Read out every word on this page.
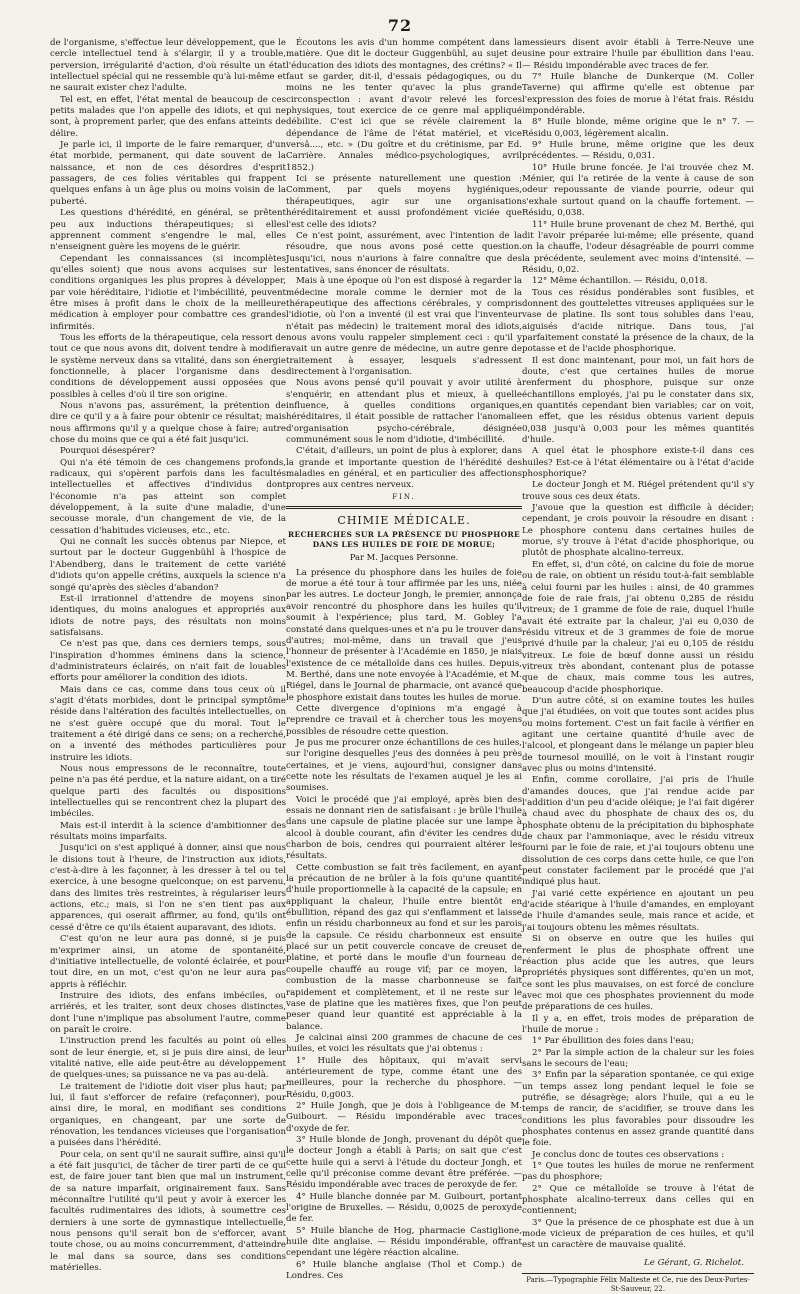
72

de l'organisme, s'effectue leur développement, que le cercle intellectuel tend à s'élargir, il y a trouble, perversion, irrégularité d'action, d'où résulte un état intellectuel spécial qui ne ressemble qu'à lui-même et ne saurait exister chez l'adulte.

Tel est, en effet, l'état mental de beaucoup de ces petits malades que l'on appelle des idiots, et qui ne sont, à proprement parler, que des enfans atteints de délire.

Je parle ici, il importe de le faire remarquer, d'un état morbide, permanent, qui date souvent de la naissance, et non de ces désordres d'esprit passagers, de ces folies véritables qui frappent quelques enfans à un âge plus ou moins voisin de la puberté.

Les questions d'hérédité, en général, se prêtent peu aux inductions thérapeutiques; si elles apprennent comment s'engendre le mal, elles n'enseignent guère les moyens de le guérir.

Cependant les connaissances (si incomplètes qu'elles soient) que nous avons acquises sur les conditions organiques les plus propres à développer, par voie héréditaire, l'idiotie et l'imbécillité, peuvent être mises à profit dans le choix de la meilleure médication à employer pour combattre ces grandes infirmités.

Tous les efforts de la thérapeutique, cela ressort de tout ce que nous avons dit, doivent tendre à modifier le système nerveux dans sa vitalité, dans son énergie fonctionnelle, à placer l'organisme dans des conditions de développement aussi opposées que possibles à celles d'où il tire son origine.

Nous n'avons pas, assurément, la prétention de dire ce qu'il y a à faire pour obtenir ce résultat; mais nous affirmons qu'il y a quelque chose à faire; autre chose du moins que ce qui a été fait jusqu'ici.

Pourquoi désespérer?

Qui n'a été témoin de ces changemens profonds, radicaux, qui s'opèrent parfois dans les facultés intellectuelles et affectives d'individus dont l'économie n'a pas atteint son complet développement, à la suite d'une maladie, d'une secousse morale, d'un changement de vie, de la cessation d'habitudes vicieuses, etc., etc.

Qui ne connaît les succès obtenus par Niepce, et surtout par le docteur Guggenbühl à l'hospice de l'Abendberg, dans le traitement de cette variété d'idiots qu'on appelle crétins, auxquels la science n'a songé qu'après des siècles d'abandon?

Est-il irrationnel d'attendre de moyens sinon identiques, du moins analogues et appropriés aux idiots de notre pays, des résultats non moins satisfaisans.

Ce n'est pas que, dans ces derniers temps, sous l'inspiration d'hommes éminens dans la science, d'administrateurs éclairés, on n'ait fait de louables efforts pour améliorer la condition des idiots.

Mais dans ce cas, comme dans tous ceux où il s'agit d'états morbides, dont le principal symptôme réside dans l'altération des facultés intellectuelles, on ne s'est guère occupé que du moral. Tout le traitement a été dirigé dans ce sens; on a recherché, on a inventé des méthodes particulières pour instruire les idiots.

Nous nous empressons de le reconnaître, toute peine n'a pas été perdue, et la nature aidant, on a tiré quelque parti des facultés ou dispositions intellectuelles qui se rencontrent chez la plupart des imbéciles.

Mais est-il interdit à la science d'ambitionner des résultats moins imparfaits.

Jusqu'ici on s'est appliqué à donner, ainsi que nous le disions tout à l'heure, de l'instruction aux idiots, c'est-à-dire à les façonner, à les dresser à tel ou tel exercice, à une besogne quelconque; on est parvenu, dans des limites très restreintes, à régulariser leurs actions, etc.; mais, si l'on ne s'en tient pas aux apparences, qui oserait affirmer, au fond, qu'ils ont cessé d'être ce qu'ils étaient auparavant, des idiots.

C'est qu'on ne leur aura pas donné, si je puis m'exprimer ainsi, un atome de spontanéité, d'initiative intellectuelle, de volonté éclairée, et pour tout dire, en un mot, c'est qu'on ne leur aura pas appris à réfléchir.

Instruire des idiots, des enfans imbéciles, ou arriérés, et les traiter, sont deux choses distinctes, dont l'une n'implique pas absolument l'autre, comme on paraît le croire.

L'instruction prend les facultés au point où elles sont de leur énergie, et, si je puis dire ainsi, de leur vitalité native, elle aide peut-être au développement de quelques-unes; sa puissance ne va pas au-delà.

Le traitement de l'idiotie doit viser plus haut; par lui, il faut s'efforcer de refaire (refaçonner), pour ainsi dire, le moral, en modifiant ses conditions organiques, en changeant, par une sorte de rénovation, les tendances vicieuses que l'organisation a puisées dans l'hérédité.

Pour cela, on sent qu'il ne saurait suffire, ainsi qu'il a été fait jusqu'ici, de tâcher de tirer parti de ce qui est, de faire jouer tant bien que mal un instrument, de sa nature imparfait, originairement faux. Sans méconnaître l'utilité qu'il peut y avoir à exercer les facultés rudimentaires des idiots, à soumettre ces derniers à une sorte de gymnastique intellectuelle, nous pensons qu'il serait bon de s'efforcer, avant toute chose, ou au moins concurremment, d'atteindre le mal dans sa source, dans ses conditions matérielles.

Écoutons les avis d'un homme compétent dans la matière. Que dit le docteur Guggenbühl, au sujet de l'éducation des idiots des montagnes, des crétins? « Il faut se garder, dit-il, d'essais pédagogiques, ou du moins ne les tenter qu'avec la plus grande circonspection : avant d'avoir relevé les forces physiques, tout exercice de ce genre mal appliqué débilite. C'est ici que se révèle clairement la dépendance de l'âme de l'état matériel, et vice versâ...., etc. » (Du goître et du crétinisme, par Ed. Carrière. Annales médico-psychologiques, avril 1852.)

Ici se présente naturellement une question : Comment, par quels moyens hygiéniques, thérapeutiques, agir sur une organisation héréditairement et aussi profondément viciée que l'est celle des idiots?

Ce n'est point, assurément, avec l'intention de la résoudre, que nous avons posé cette question. Jusqu'ici, nous n'aurions à faire connaître que des tentatives, sans énoncer de résultats.

Mais à une époque où l'on est disposé à regarder la médecine morale comme le dernier mot de la thérapeutique des affections cérébrales, y compris l'idiotie, où l'on a inventé (il est vrai que l'inventeur n'était pas médecin) le traitement moral des idiots, nous avons voulu rappeler simplement ceci : qu'il y avait un autre genre de médecine, un autre genre de traitement à essayer, lesquels s'adressent directement à l'organisation.

Nous avons pensé qu'il pouvait y avoir utilité à s'enquérir, en attendant plus et mieux, à quelle influence, à quelles conditions organiques, héréditaires, il était possible de rattacher l'anomalie d'organisation psycho-cérébrale, désignée communément sous le nom d'idiotie, d'imbécillité.

C'était, d'ailleurs, un point de plus à explorer, dans la grande et importante question de l'hérédité des maladies en général, et en particulier des affections propres aux centres nerveux.

FIN.

CHIMIE MÉDICALE.
RECHERCHES SUR LA PRÉSENCE DU PHOSPHORE DANS LES HUILES DE FOIE DE MORUE;
Par M. Jacques Personne.

La présence du phosphore dans les huiles de foie de morue a été tour à tour affirmée par les uns, niée par les autres. Le docteur Jongh, le premier, annonça avoir rencontré du phosphore dans les huiles qu'il soumit à l'expérience; plus tard, M. Gobley l'a constaté dans quelques-unes et n'a pu le trouver dans d'autres; moi-même, dans un travail que j'eus l'honneur de présenter à l'Académie en 1850, je niais l'existence de ce métalloïde dans ces huiles. Depuis, M. Berthé, dans une note envoyée à l'Académie, et M. Riégel, dans le Journal de pharmacie, ont avancé que le phosphore existait dans toutes les huiles de morue.

Cette divergence d'opinions m'a engagé à reprendre ce travail et à chercher tous les moyens possibles de résoudre cette question.

Je pus me procurer onze échantillons de ces huiles, sur l'origine desquelles j'eus des données à peu près certaines, et je viens, aujourd'hui, consigner dans cette note les résultats de l'examen auquel je les ai soumises.

Voici le procédé que j'ai employé, après bien des essais ne donnant rien de satisfaisant : je brûle l'huile dans une capsule de platine placée sur une lampe à alcool à double courant, afin d'éviter les cendres du charbon de bois, cendres qui pourraient altérer les résultats.

Cette combustion se fait très facilement, en ayant la précaution de ne brûler à la fois qu'une quantité d'huile proportionnelle à la capacité de la capsule; en appliquant la chaleur, l'huile entre bientôt en ébullition, répand des gaz qui s'enflamment et laisse enfin un résidu charbonneux au fond et sur les parois de la capsule. Ce résidu charbonneux est ensuite placé sur un petit couvercle concave de creuset de platine, et porté dans le moufle d'un fourneau de coupelle chauffé au rouge vif; par ce moyen, la combustion de la masse charbonneuse se fait rapidement et complètement, et il ne reste sur le vase de platine que les matières fixes, que l'on peut peser quand leur quantité est appréciable à la balance.

Je calcinai ainsi 200 grammes de chacune de ces huiles, et voici les résultats que j'ai obtenus :

1° Huile des hôpitaux, qui m'avait servi antérieurement de type, comme étant une des meilleures, pour la recherche du phosphore. — Résidu, 0,g003.

2° Huile Jongh, que je dois à l'obligeance de M. Guibourt. — Résidu impondérable avec traces d'oxyde de fer.

3° Huile blonde de Jongh, provenant du dépôt que le docteur Jongh a établi à Paris; on sait que c'est cette huile qui a servi à l'étude du docteur Jongh, et celle qu'il préconise comme devant être préférée. — Résidu impondérable avec traces de peroxyde de fer.

4° Huile blanche donnée par M. Guibourt, portant l'origine de Bruxelles. — Résidu, 0,0025 de peroxyde de fer.

5° Huile blanche de Hog, pharmacie Castiglione, huile dite anglaise. — Résidu impondérable, offrant cependant une légère réaction alcaline.

6° Huile blanche anglaise (Thol et Comp.) de Londres. Ces

messieurs disent avoir établi à Terre-Neuve une usine pour extraire l'huile par ébullition dans l'eau. — Résidu impondérable avec traces de fer.

7° Huile blanche de Dunkerque (M. Coller Taverne) qui affirme qu'elle est obtenue par l'expression des foies de morue à l'état frais. Résidu impondérable.

8° Huile blonde, même origine que le n° 7. — Résidu 0,003, légèrement alcalin.

9° Huile brune, même origine que les deux précédentes. — Résidu, 0,031.

10° Huile brune foncée. Je l'ai trouvée chez M. Ménier, qui l'a retirée de la vente à cause de son odeur repoussante de viande pourrie, odeur qui s'exhale surtout quand on la chauffe fortement. — Résidu, 0,038.

11° Huile brune provenant de chez M. Berthé, qui dit l'avoir préparée lui-même; elle présente, quand on la chauffe, l'odeur désagréable de pourri comme la précédente, seulement avec moins d'intensité. — Résidu, 0,02.

12° Même échantillon. — Résidu, 0,018.

Tous ces résidus pondérables sont fusibles, et donnent des gouttelettes vitreuses appliquées sur le vase de platine. Ils sont tous solubles dans l'eau, aiguisés d'acide nitrique. Dans tous, j'ai parfaitement constaté la présence de la chaux, de la potasse et de l'acide phosphorique.

Il est donc maintenant, pour moi, un fait hors de doute, c'est que certaines huiles de morue renferment du phosphore, puisque sur onze échantillons employés, j'ai pu le constater dans six, en quantités cependant bien variables; car on voit, en effet, que les résidus obtenus varient depuis 0,038 jusqu'à 0,003 pour les mêmes quantités d'huile.

A quel état le phosphore existe-t-il dans ces huiles? Est-ce à l'état élémentaire ou à l'état d'acide phosphorique?

Le docteur Jongh et M. Riégel prétendent qu'il s'y trouve sous ces deux états.

J'avoue que la question est difficile à décider; cependant, je crois pouvoir la résoudre en disant : Le phosphore contenu dans certaines huiles de morue, s'y trouve à l'état d'acide phosphorique, ou plutôt de phosphate alcalino-terreux.

En effet, si, d'un côté, on calcine du foie de morue ou de raie, on obtient un résidu tout-à-fait semblable à celui fourni par les huiles : ainsi, de 40 grammes de foie de raie frais, j'ai obtenu 0,285 de résidu vitreux; de 1 gramme de foie de raie, duquel l'huile avait été extraite par la chaleur, j'ai eu 0,030 de résidu vitreux et de 3 grammes de foie de morue privé d'huile par la chaleur, j'ai eu 0,105 de résidu vitreux. Le foie de bœuf donne aussi un résidu vitreux très abondant, contenant plus de potasse que de chaux, mais comme tous les autres, beaucoup d'acide phosphorique.

D'un autre côté, si on examine toutes les huiles que j'ai étudiées, on voit que toutes sont acides plus ou moins fortement. C'est un fait facile à vérifier en agitant une certaine quantité d'huile avec de l'alcool, et plongeant dans le mélange un papier bleu de tournesol mouillé, on le voit à l'instant rougir avec plus ou moins d'intensité.

Enfin, comme corollaire, j'ai pris de l'huile d'amandes douces, que j'ai rendue acide par l'addition d'un peu d'acide oléique; je l'ai fait digérer à chaud avec du phosphate de chaux des os, du phosphate obtenu de la précipitation du biphosphate de chaux par l'ammoniaque, avec le résidu vitreux fourni par le foie de raie, et j'ai toujours obtenu une dissolution de ces corps dans cette huile, ce que l'on peut constater facilement par le procédé que j'ai indiqué plus haut.

J'ai varié cette expérience en ajoutant un peu d'acide stéarique à l'huile d'amandes, en employant de l'huile d'amandes seule, mais rance et acide, et j'ai toujours obtenu les mêmes résultats.

Si on observe en outre que les huiles qui renferment le plus de phosphate offrent une réaction plus acide que les autres, que leurs propriétés physiques sont différentes, qu'en un mot, ce sont les plus mauvaises, on est forcé de conclure avec moi que ces phosphates proviennent du mode de préparations de ces huiles.

Il y a, en effet, trois modes de préparation de l'huile de morue :

1° Par ébullition des foies dans l'eau;

2° Par la simple action de la chaleur sur les foies sans le secours de l'eau;

3° Enfin par la séparation spontanée, ce qui exige un temps assez long pendant lequel le foie se putréfie, se désagrège; alors l'huile, qui a eu le temps de rancir, de s'acidifier, se trouve dans les conditions les plus favorables pour dissoudre les phosphates contenus en assez grande quantité dans le foie.

Je conclus donc de toutes ces observations :

1° Que toutes les huiles de morue ne renferment pas du phosphore;

2° Que ce métalloïde se trouve à l'état de phosphate alcalino-terreux dans celles qui en contiennent;

3° Que la présence de ce phosphate est due à un mode vicieux de préparation de ces huiles, et qu'il est un caractère de mauvaise qualité.

Le Gérant, G. Richelot.
Paris.—Typographie Félix Malteste et Ce, rue des Deux-Portes-St-Sauveur, 22.
